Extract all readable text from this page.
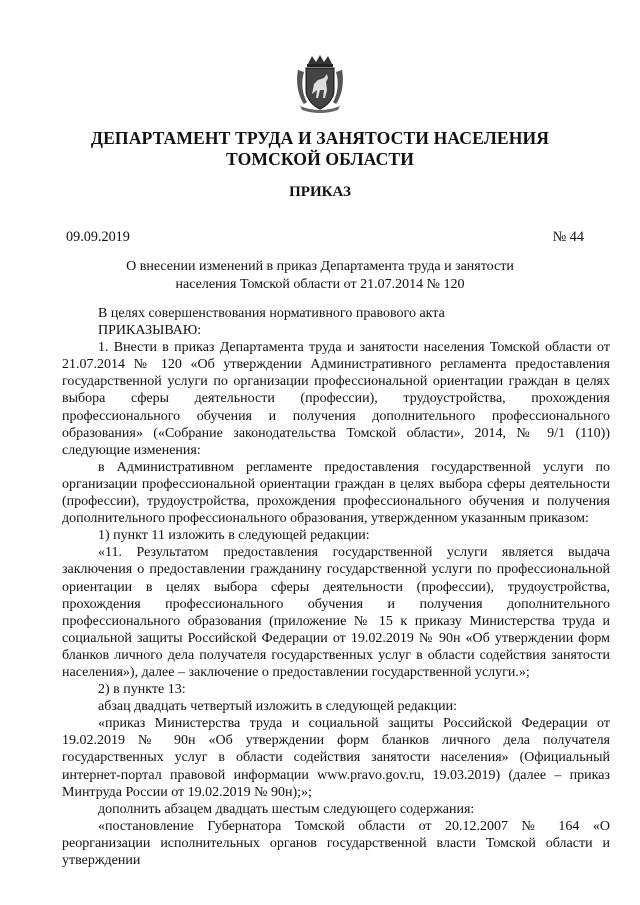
ДЕПАРТАМЕНТ ТРУДА И ЗАНЯТОСТИ НАСЕЛЕНИЯ
ТОМСКОЙ ОБЛАСТИ
ПРИКАЗ
09.09.2019	№ 44
О внесении изменений в приказ Департамента труда и занятости
населения Томской области от 21.07.2014 № 120

В целях совершенствования нормативного правового акта

ПРИКАЗЫВАЮ:

1. Внести в приказ Департамента труда и занятости населения Томской области от 21.07.2014 № 120 «Об утверждении Административного регламента предоставления государственной услуги по организации профессиональной ориентации граждан в целях выбора сферы деятельности (профессии), трудоустройства, прохождения профессионального обучения и получения дополнительного профессионального образования» («Собрание законодательства Томской области», 2014, № 9/1 (110)) следующие изменения:

в Административном регламенте предоставления государственной услуги по организации профессиональной ориентации граждан в целях выбора сферы деятельности (профессии), трудоустройства, прохождения профессионального обучения и получения дополнительного профессионального образования, утвержденном указанным приказом:

1) пункт 11 изложить в следующей редакции:

«11. Результатом предоставления государственной услуги является выдача заключения о предоставлении гражданину государственной услуги по профессиональной ориентации в целях выбора сферы деятельности (профессии), трудоустройства, прохождения профессионального обучения и получения дополнительного профессионального образования (приложение № 15 к приказу Министерства труда и социальной защиты Российской Федерации от 19.02.2019 № 90н «Об утверждении форм бланков личного дела получателя государственных услуг в области содействия занятости населения»), далее – заключение о предоставлении государственной услуги.»;

2) в пункте 13:

абзац двадцать четвертый изложить в следующей редакции:

«приказ Министерства труда и социальной защиты Российской Федерации от 19.02.2019 № 90н «Об утверждении форм бланков личного дела получателя государственных услуг в области содействия занятости населения» (Официальный интернет-портал правовой информации www.pravo.gov.ru, 19.03.2019) (далее – приказ Минтруда России от 19.02.2019 № 90н);»;

дополнить абзацем двадцать шестым следующего содержания:

«постановление Губернатора Томской области от 20.12.2007 № 164 «О реорганизации исполнительных органов государственной власти Томской области и утверждении
